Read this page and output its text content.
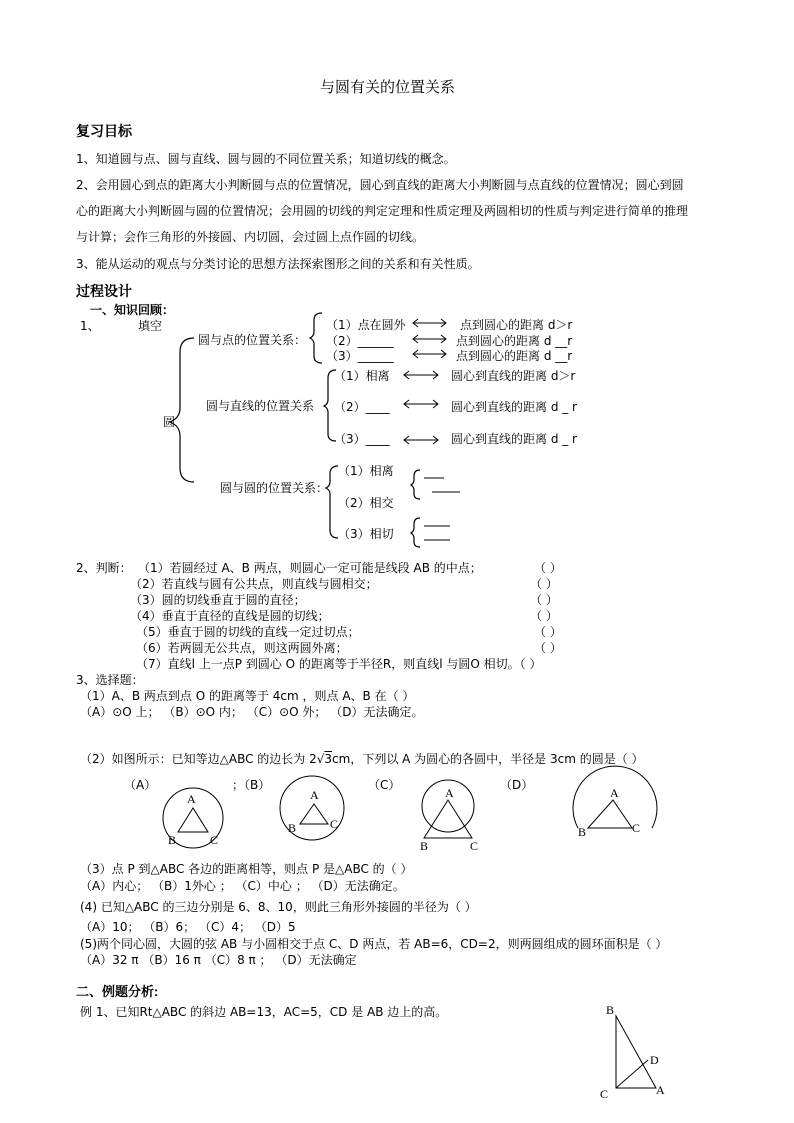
与圆有关的位置关系
复习目标
1、知道圆与点、圆与直线、圆与圆的不同位置关系；知道切线的概念。
2、会用圆心到点的距离大小判断圆与点的位置情况，圆心到直线的距离大小判断圆与点直线的位置情况；圆心到圆
心的距离大小判断圆与圆的位置情况；会用圆的切线的判定定理和性质定理及两圆相切的性质与判定进行简单的推理
与计算；会作三角形的外接圆、内切圆，会过圆上点作圆的切线。
3、能从运动的观点与分类讨论的思想方法探索图形之间的关系和有关性质。
过程设计
一、知识回顾：
1、	填空
圆
圆与点的位置关系：
（1）点在圆外	点到圆心的距离 d＞r
（2）______	点到圆心的距离 d __r
（3）______	点到圆心的距离 d __r
圆与直线的位置关系
（1）相离	圆心到直线的距离 d＞r
（2）____	圆心到直线的距离 d _ r
（3）____	圆心到直线的距离 d _ r
圆与圆的位置关系：
（1）相离
（2）相交
（3）相切
2、判断： （1）若圆经过 A、B 两点，则圆心一定可能是线段 AB 的中点；	（ ）
（2）若直线与圆有公共点，则直线与圆相交；	（ ）
（3）圆的切线垂直于圆的直径；	（ ）
（4）垂直于直径的直线是圆的切线；	（ ）
（5）垂直于圆的切线的直线一定过切点；	（ ）
（6）若两圆无公共点，则这两圆外离；	（ ）
（7）直线l 上一点P 到圆心 O 的距离等于半径R，则直线l 与圆O 相切。（ ）
3、选择题：
（1）A、B 两点到点 O 的距离等于 4cm ，则点 A、B 在（ ）
（A）⊙O 上； （B）⊙O 内； （C）⊙O 外； （D）无法确定。
（2）如图所示：已知等边△ABC 的边长为 2√3cm，下列以 A 为圆心的各圆中，半径是 3cm 的圆是（ ）
（A）	；（B）	（C）	（D）
A
B	C
A
B	C
A
B	C
A
B	C
（3）点 P 到△ABC 各边的距离相等，则点 P 是△ABC 的（ ）
（A）内心； （B）1外心 ； （C）中心 ； （D）无法确定。
(4) 已知△ABC 的三边分别是 6、8、10，则此三角形外接圆的半径为（ ）
（A）10； （B）6； （C）4； （D）5
(5)两个同心圆，大圆的弦 AB 与小圆相交于点 C、D 两点，若 AB=6，CD=2，则两圆组成的圆环面积是（ ）
（A）32 π （B）16 π （C）8 π ； （D）无法确定
二、例题分析:
例 1、已知Rt△ABC 的斜边 AB=13，AC=5，CD 是 AB 边上的高。	B
D
C	A
